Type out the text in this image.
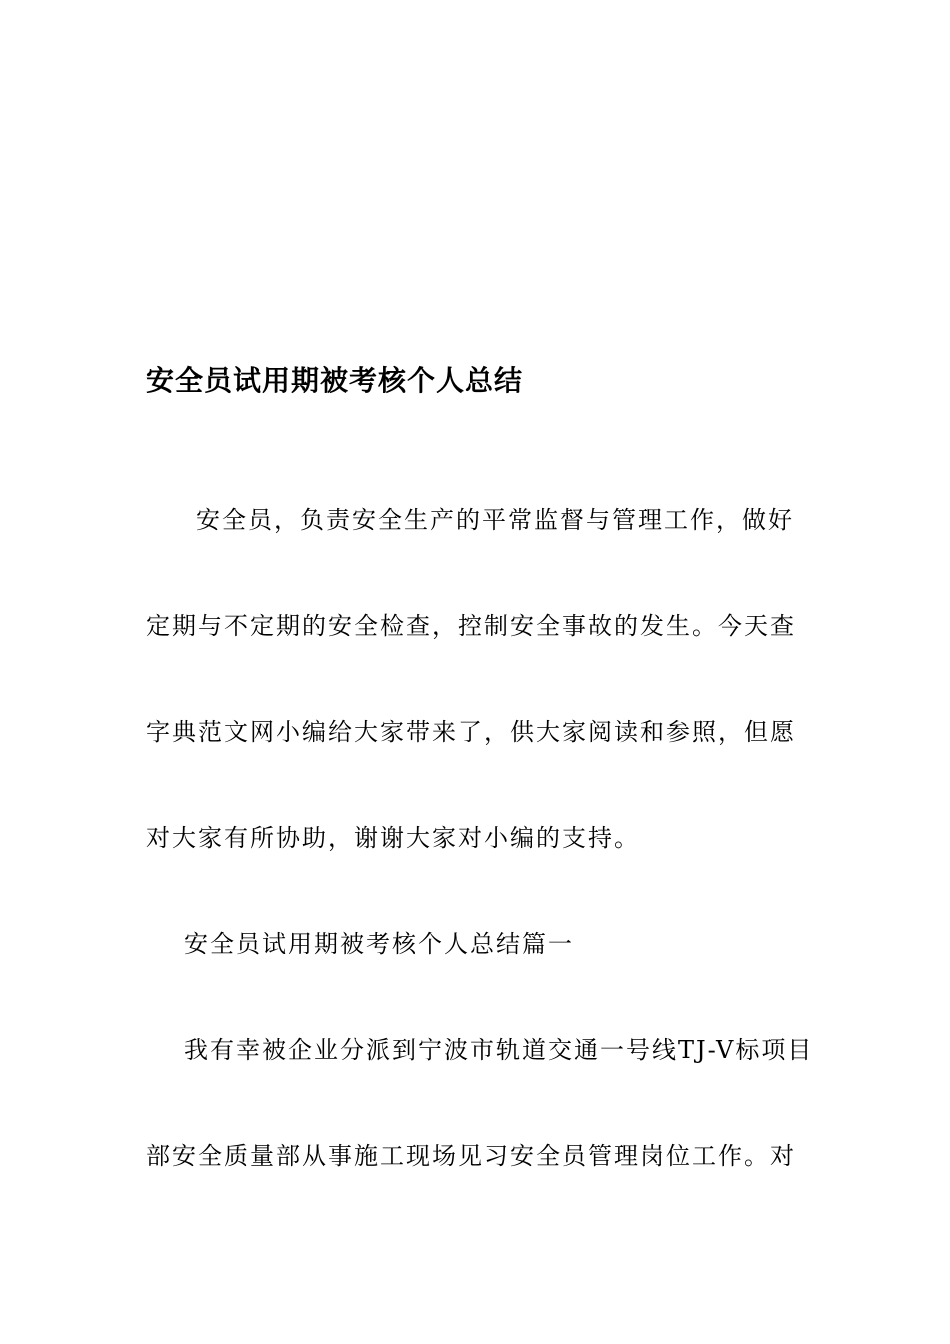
安全员试用期被考核个人总结
安全员，负责安全生产的平常监督与管理工作，做好
定期与不定期的安全检查，控制安全事故的发生。今天查
字典范文网小编给大家带来了，供大家阅读和参照，但愿
对大家有所协助，谢谢大家对小编的支持。
安全员试用期被考核个人总结篇一
我有幸被企业分派到宁波市轨道交通一号线TJ-V标项目
部安全质量部从事施工现场见习安全员管理岗位工作。对
